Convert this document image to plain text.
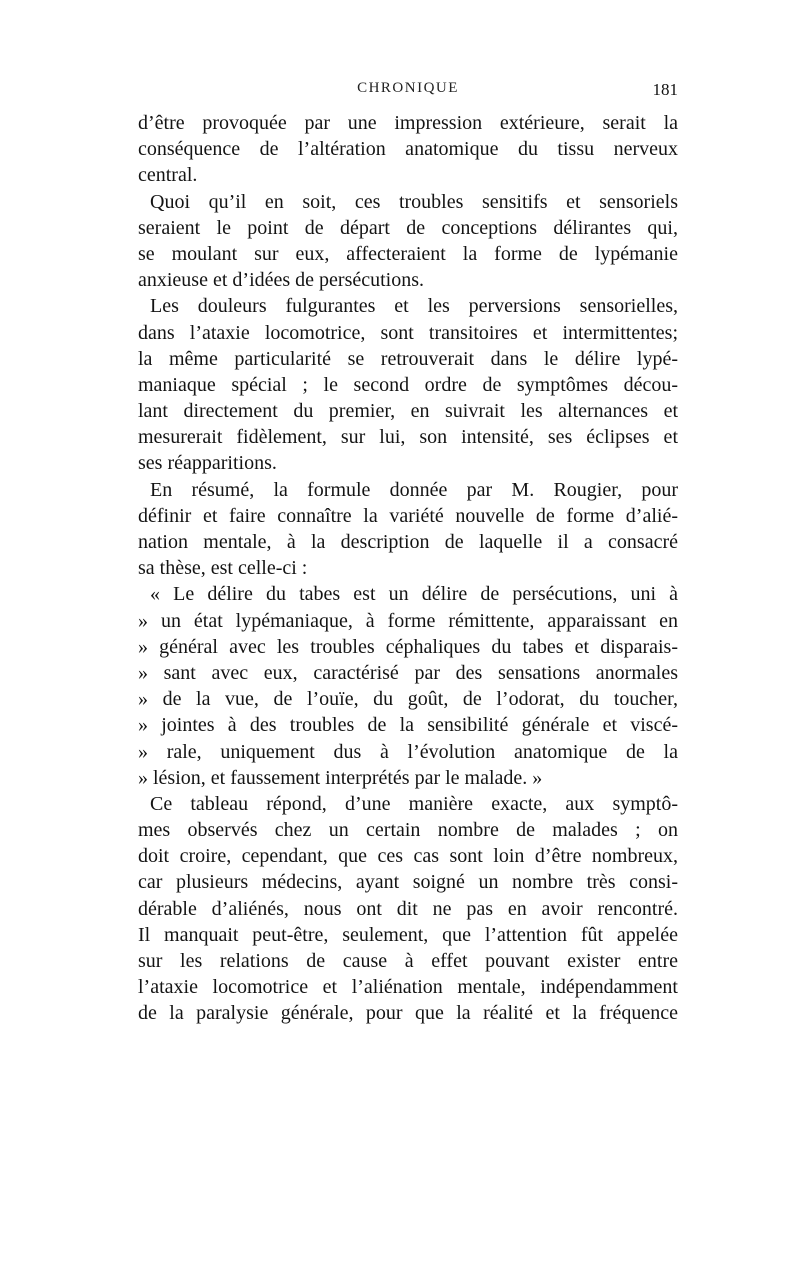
CHRONIQUE	181
d’être provoquée par une impression extérieure, serait la
conséquence de l’altération anatomique du tissu nerveux
central.
Quoi qu’il en soit, ces troubles sensitifs et sensoriels
seraient le point de départ de conceptions délirantes qui,
se moulant sur eux, affecteraient la forme de lypémanie
anxieuse et d’idées de persécutions.
Les douleurs fulgurantes et les perversions sensorielles,
dans l’ataxie locomotrice, sont transitoires et intermittentes;
la même particularité se retrouverait dans le délire lypé-
maniaque spécial ; le second ordre de symptômes décou-
lant directement du premier, en suivrait les alternances et
mesurerait fidèlement, sur lui, son intensité, ses éclipses et
ses réapparitions.
En résumé, la formule donnée par M. Rougier, pour
définir et faire connaître la variété nouvelle de forme d’alié-
nation mentale, à la description de laquelle il a consacré
sa thèse, est celle-ci :
« Le délire du tabes est un délire de persécutions, uni à
» un état lypémaniaque, à forme rémittente, apparaissant en
» général avec les troubles céphaliques du tabes et disparais-
» sant avec eux, caractérisé par des sensations anormales
» de la vue, de l’ouïe, du goût, de l’odorat, du toucher,
» jointes à des troubles de la sensibilité générale et viscé-
» rale, uniquement dus à l’évolution anatomique de la
» lésion, et faussement interprétés par le malade. »
Ce tableau répond, d’une manière exacte, aux symptô-
mes observés chez un certain nombre de malades ; on
doit croire, cependant, que ces cas sont loin d’être nombreux,
car plusieurs médecins, ayant soigné un nombre très consi-
dérable d’aliénés, nous ont dit ne pas en avoir rencontré.
Il manquait peut-être, seulement, que l’attention fût appelée
sur les relations de cause à effet pouvant exister entre
l’ataxie locomotrice et l’aliénation mentale, indépendamment
de la paralysie générale, pour que la réalité et la fréquence
